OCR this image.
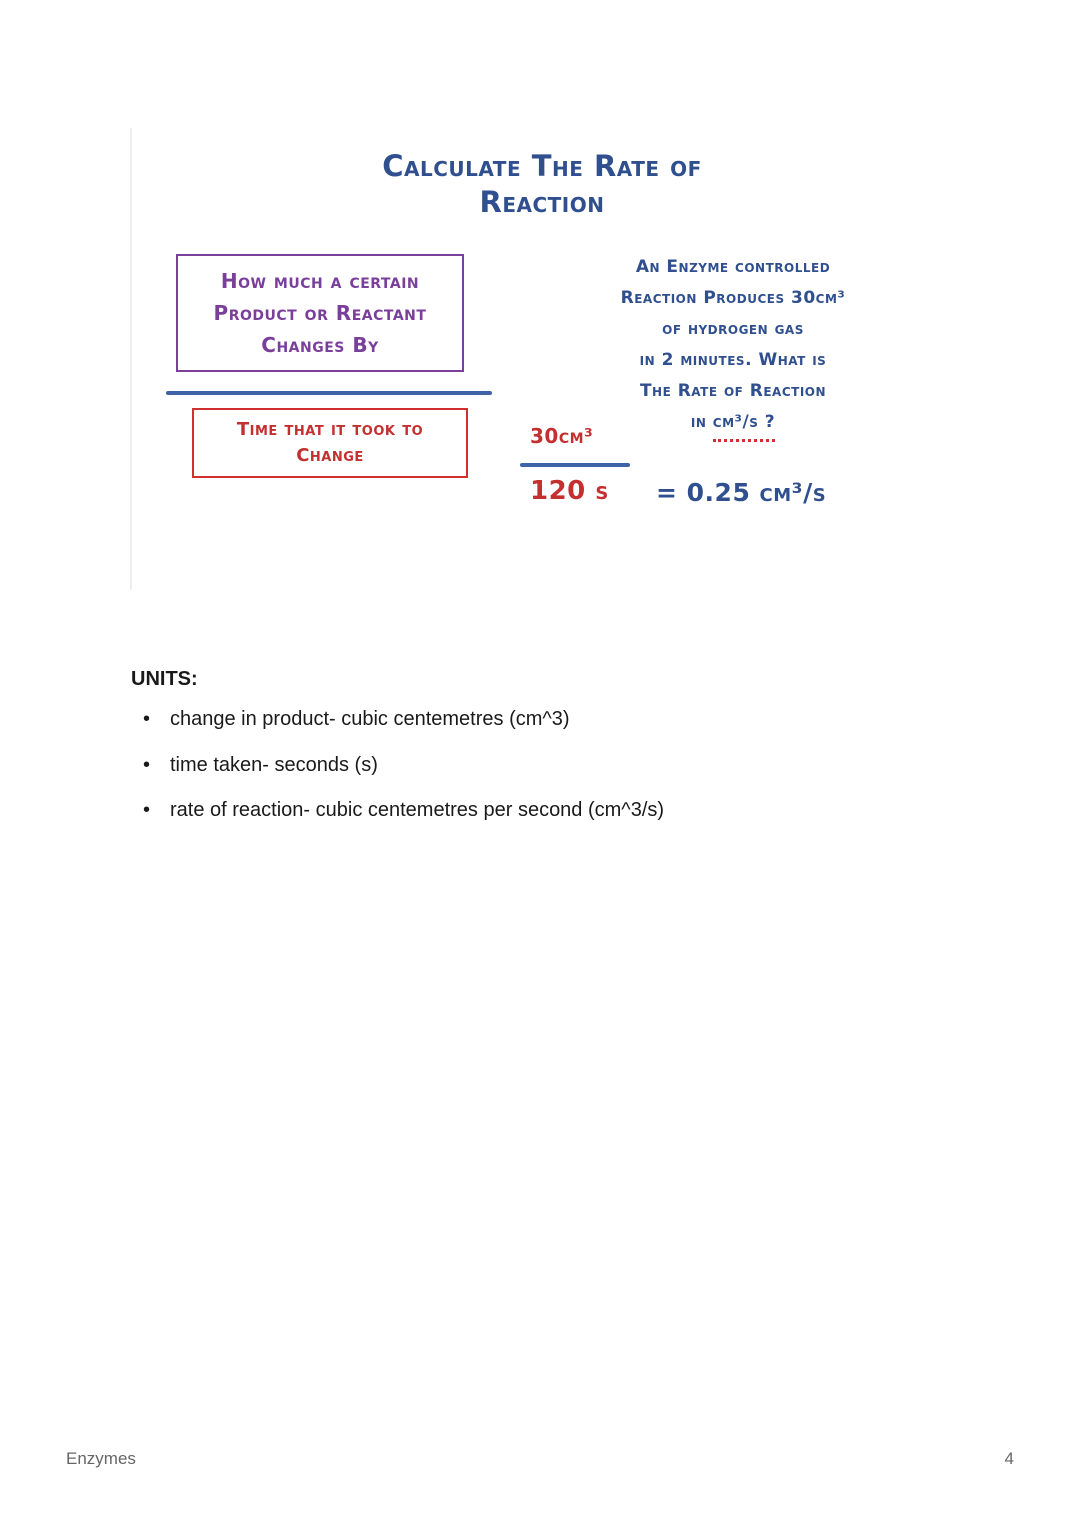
Calculate The Rate of
Reaction
How much a certain
Product or Reactant
Changes By
Time that it took to
Change
An Enzyme controlled
Reaction Produces 30cm³
of hydrogen gas
in 2 minutes. What is
The Rate of Reaction
in cm³/s ?
30cm³
120 s = 0.25 cm³/s
UNITS:
• change in product- cubic centemetres (cm^3)
• time taken- seconds (s)
• rate of reaction- cubic centemetres per second (cm^3/s)
Enzymes	4
